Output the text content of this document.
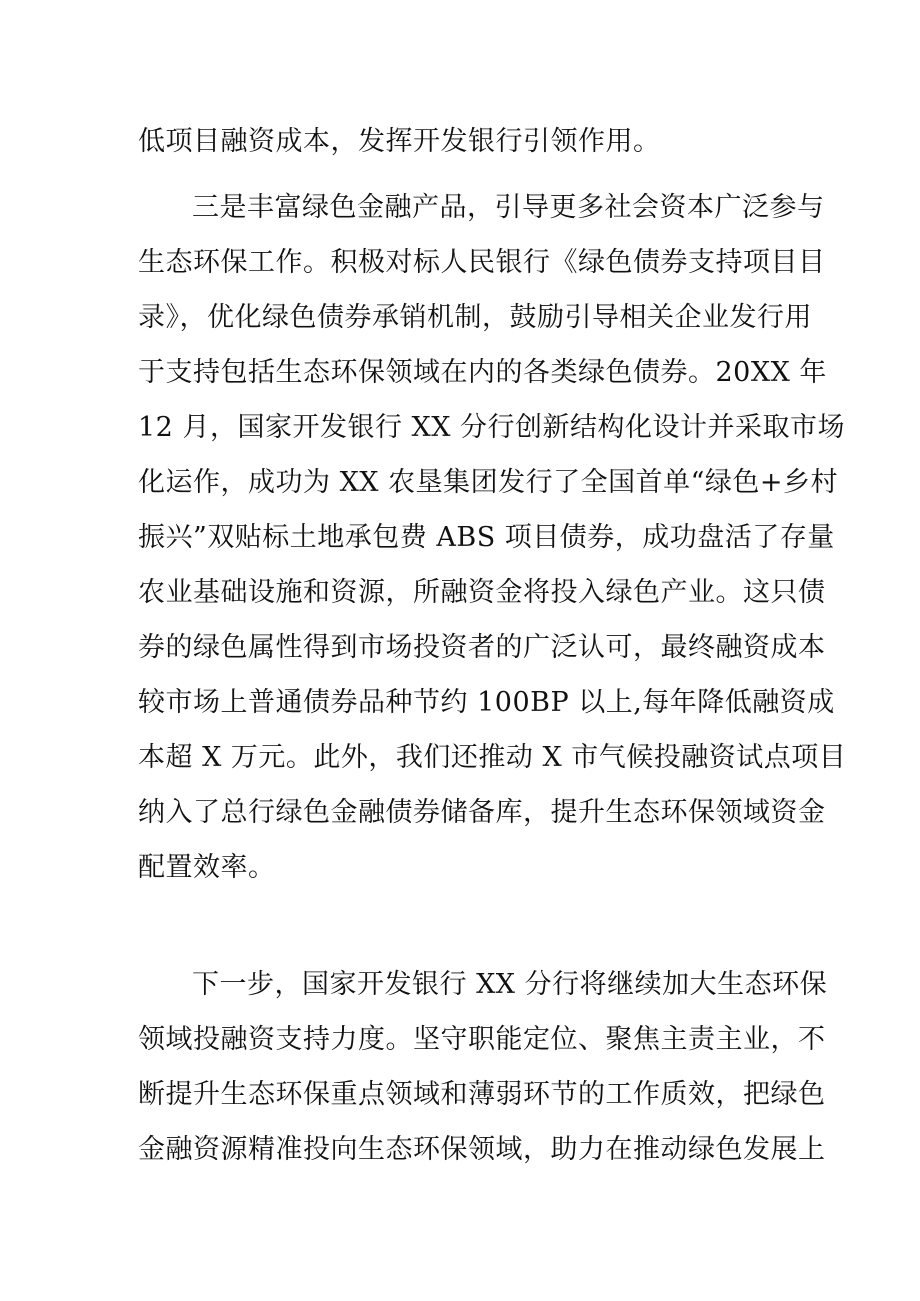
低项目融资成本，发挥开发银行引领作用。
三是丰富绿色金融产品，引导更多社会资本广泛参与
生态环保工作。积极对标人民银行《绿色债券支持项目目
录》，优化绿色债券承销机制，鼓励引导相关企业发行用
于支持包括生态环保领域在内的各类绿色债券。20XX 年
12 月，国家开发银行 XX 分行创新结构化设计并采取市场
化运作，成功为 XX 农垦集团发行了全国首单“绿色+乡村
振兴”双贴标土地承包费 ABS 项目债券，成功盘活了存量
农业基础设施和资源，所融资金将投入绿色产业。这只债
券的绿色属性得到市场投资者的广泛认可，最终融资成本
较市场上普通债券品种节约 100BP 以上,每年降低融资成
本超 X 万元。此外，我们还推动 X 市气候投融资试点项目
纳入了总行绿色金融债券储备库，提升生态环保领域资金
配置效率。
下一步，国家开发银行 XX 分行将继续加大生态环保
领域投融资支持力度。坚守职能定位、聚焦主责主业，不
断提升生态环保重点领域和薄弱环节的工作质效，把绿色
金融资源精准投向生态环保领域，助力在推动绿色发展上
